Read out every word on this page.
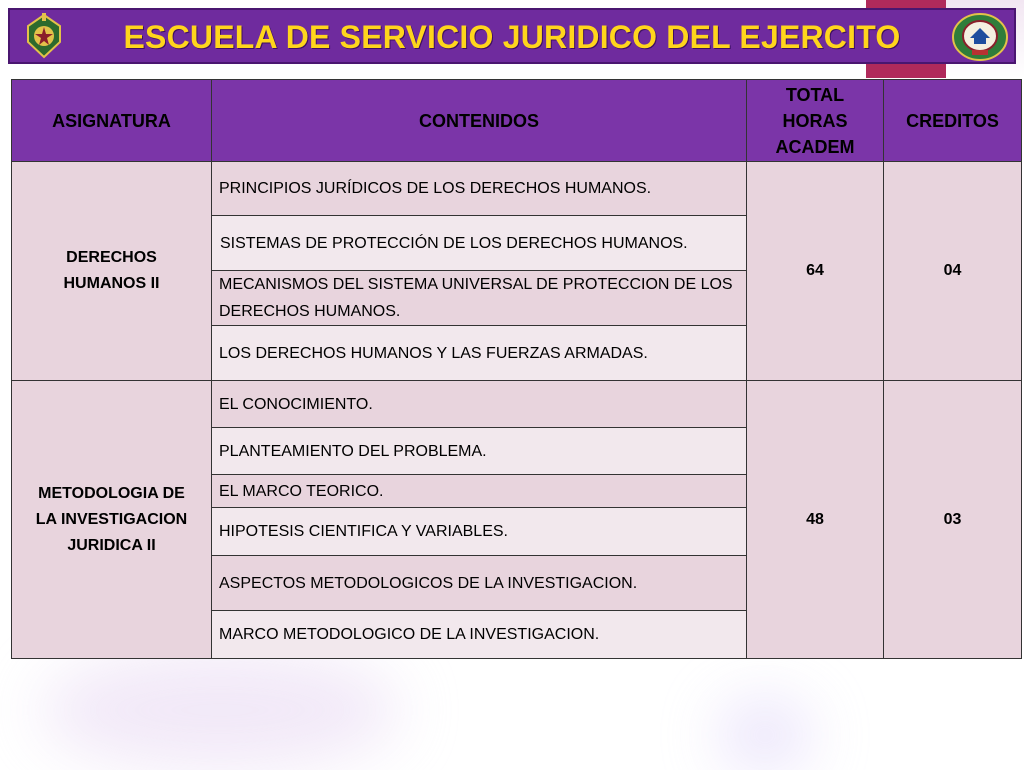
ESCUELA DE SERVICIO JURIDICO DEL EJERCITO
ASIGNATURA	CONTENIDOS	TOTAL HORAS ACADEM	CREDITOS
DERECHOS HUMANOS II	PRINCIPIOS JURÍDICOS DE LOS DERECHOS HUMANOS.	64	04
	SISTEMAS DE PROTECCIÓN DE LOS DERECHOS HUMANOS.		
	MECANISMOS DEL SISTEMA UNIVERSAL DE PROTECCION DE LOS DERECHOS HUMANOS.		
	LOS DERECHOS HUMANOS Y LAS FUERZAS ARMADAS.		
METODOLOGIA DE LA INVESTIGACION JURIDICA II	EL CONOCIMIENTO.	48	03
	PLANTEAMIENTO DEL PROBLEMA.		
	EL MARCO TEORICO.		
	HIPOTESIS CIENTIFICA Y VARIABLES.		
	ASPECTOS METODOLOGICOS DE LA INVESTIGACION.		
	MARCO METODOLOGICO DE LA INVESTIGACION.		
